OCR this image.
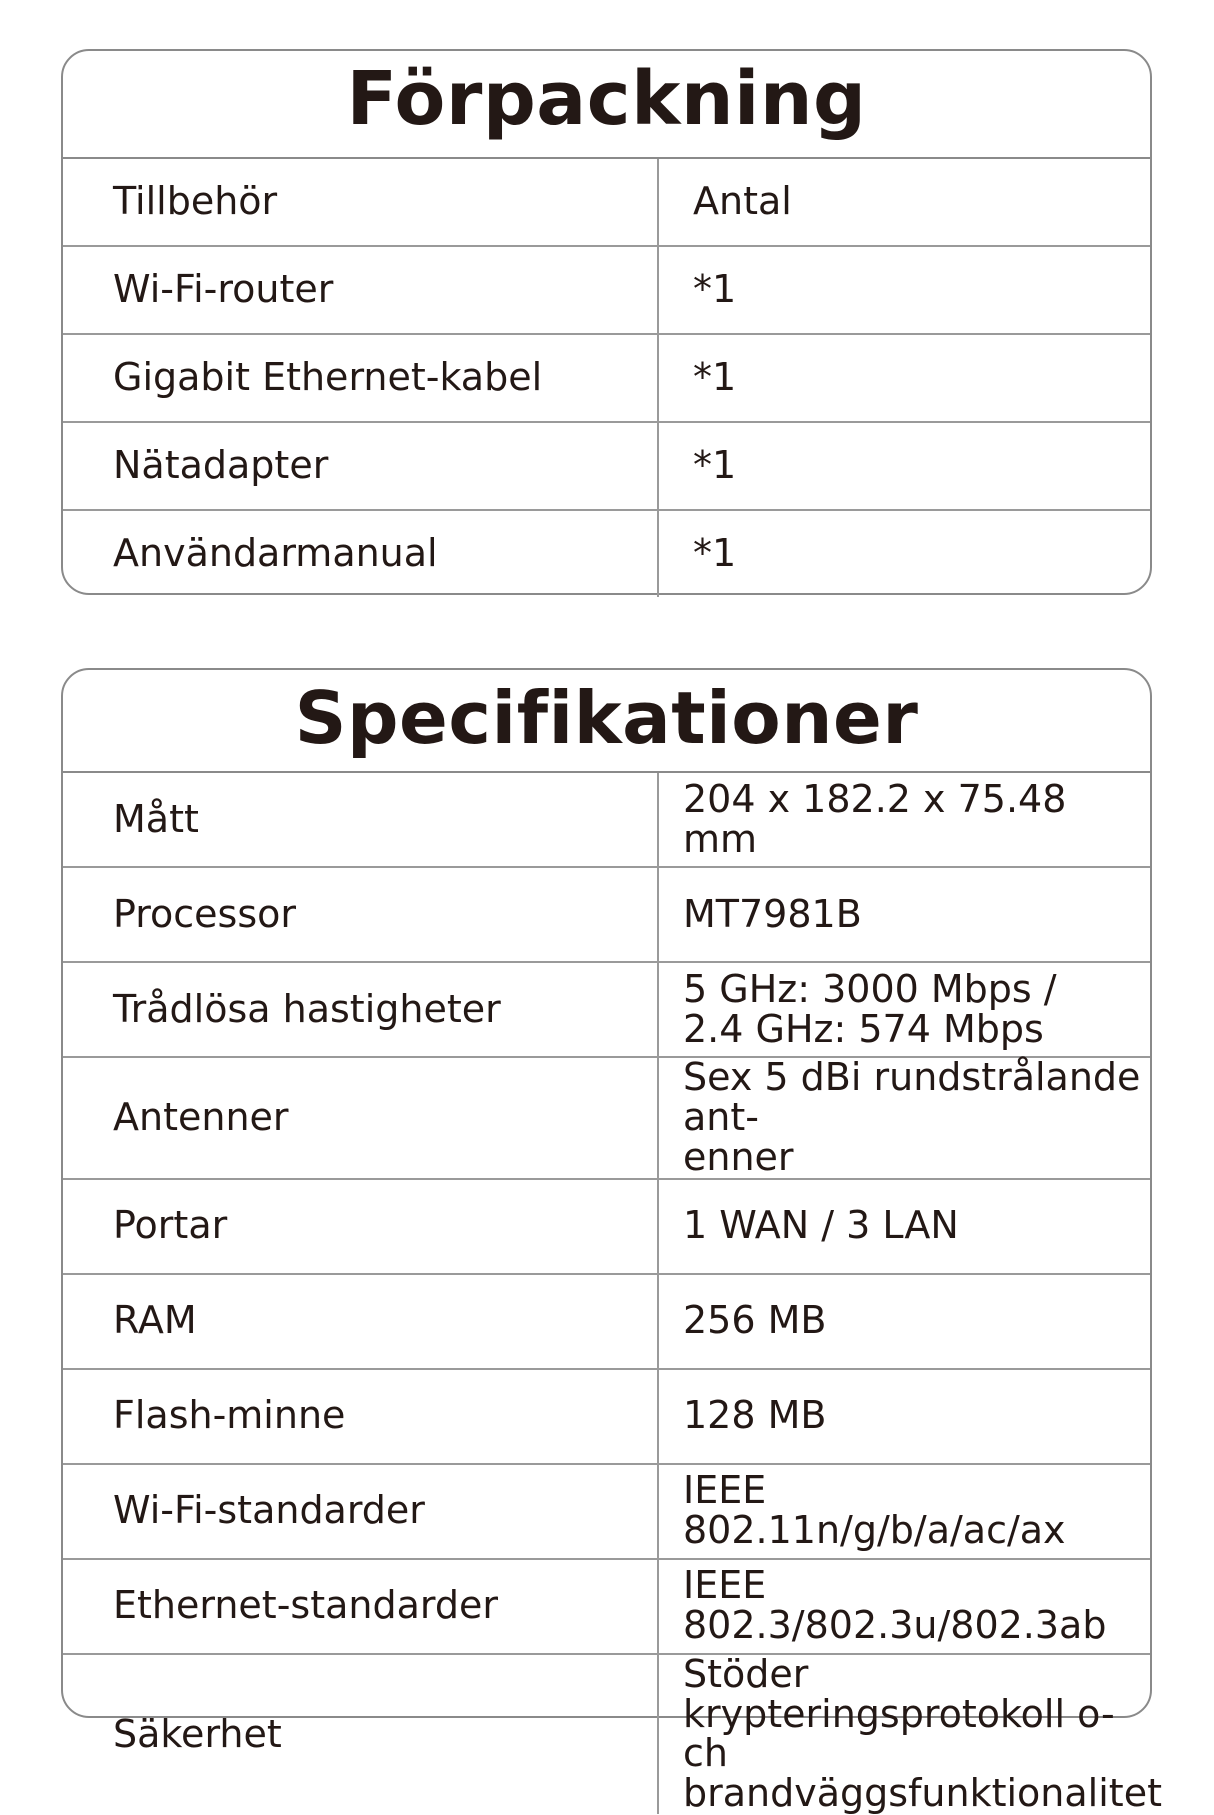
Förpackning
Tillbehör	Antal
Wi-Fi-router	*1
Gigabit Ethernet-kabel	*1
Nätadapter	*1
Användarmanual	*1
Specifikationer
Mått	204 x 182.2 x 75.48 mm

Processor	MT7981B

Trådlösa hastigheter	5 GHz: 3000 Mbps /
2.4 GHz: 574 Mbps

Antenner	Sex 5 dBi rundstrålande ant-
enner

Portar	1 WAN / 3 LAN

RAM	256 MB

Flash-minne	128 MB

Wi-Fi-standarder	IEEE 802.11n/g/b/a/ac/ax

Ethernet-standarder	IEEE 802.3/802.3u/802.3ab

Säkerhet	Stöder krypteringsprotokoll o-
ch brandväggsfunktionalitet
